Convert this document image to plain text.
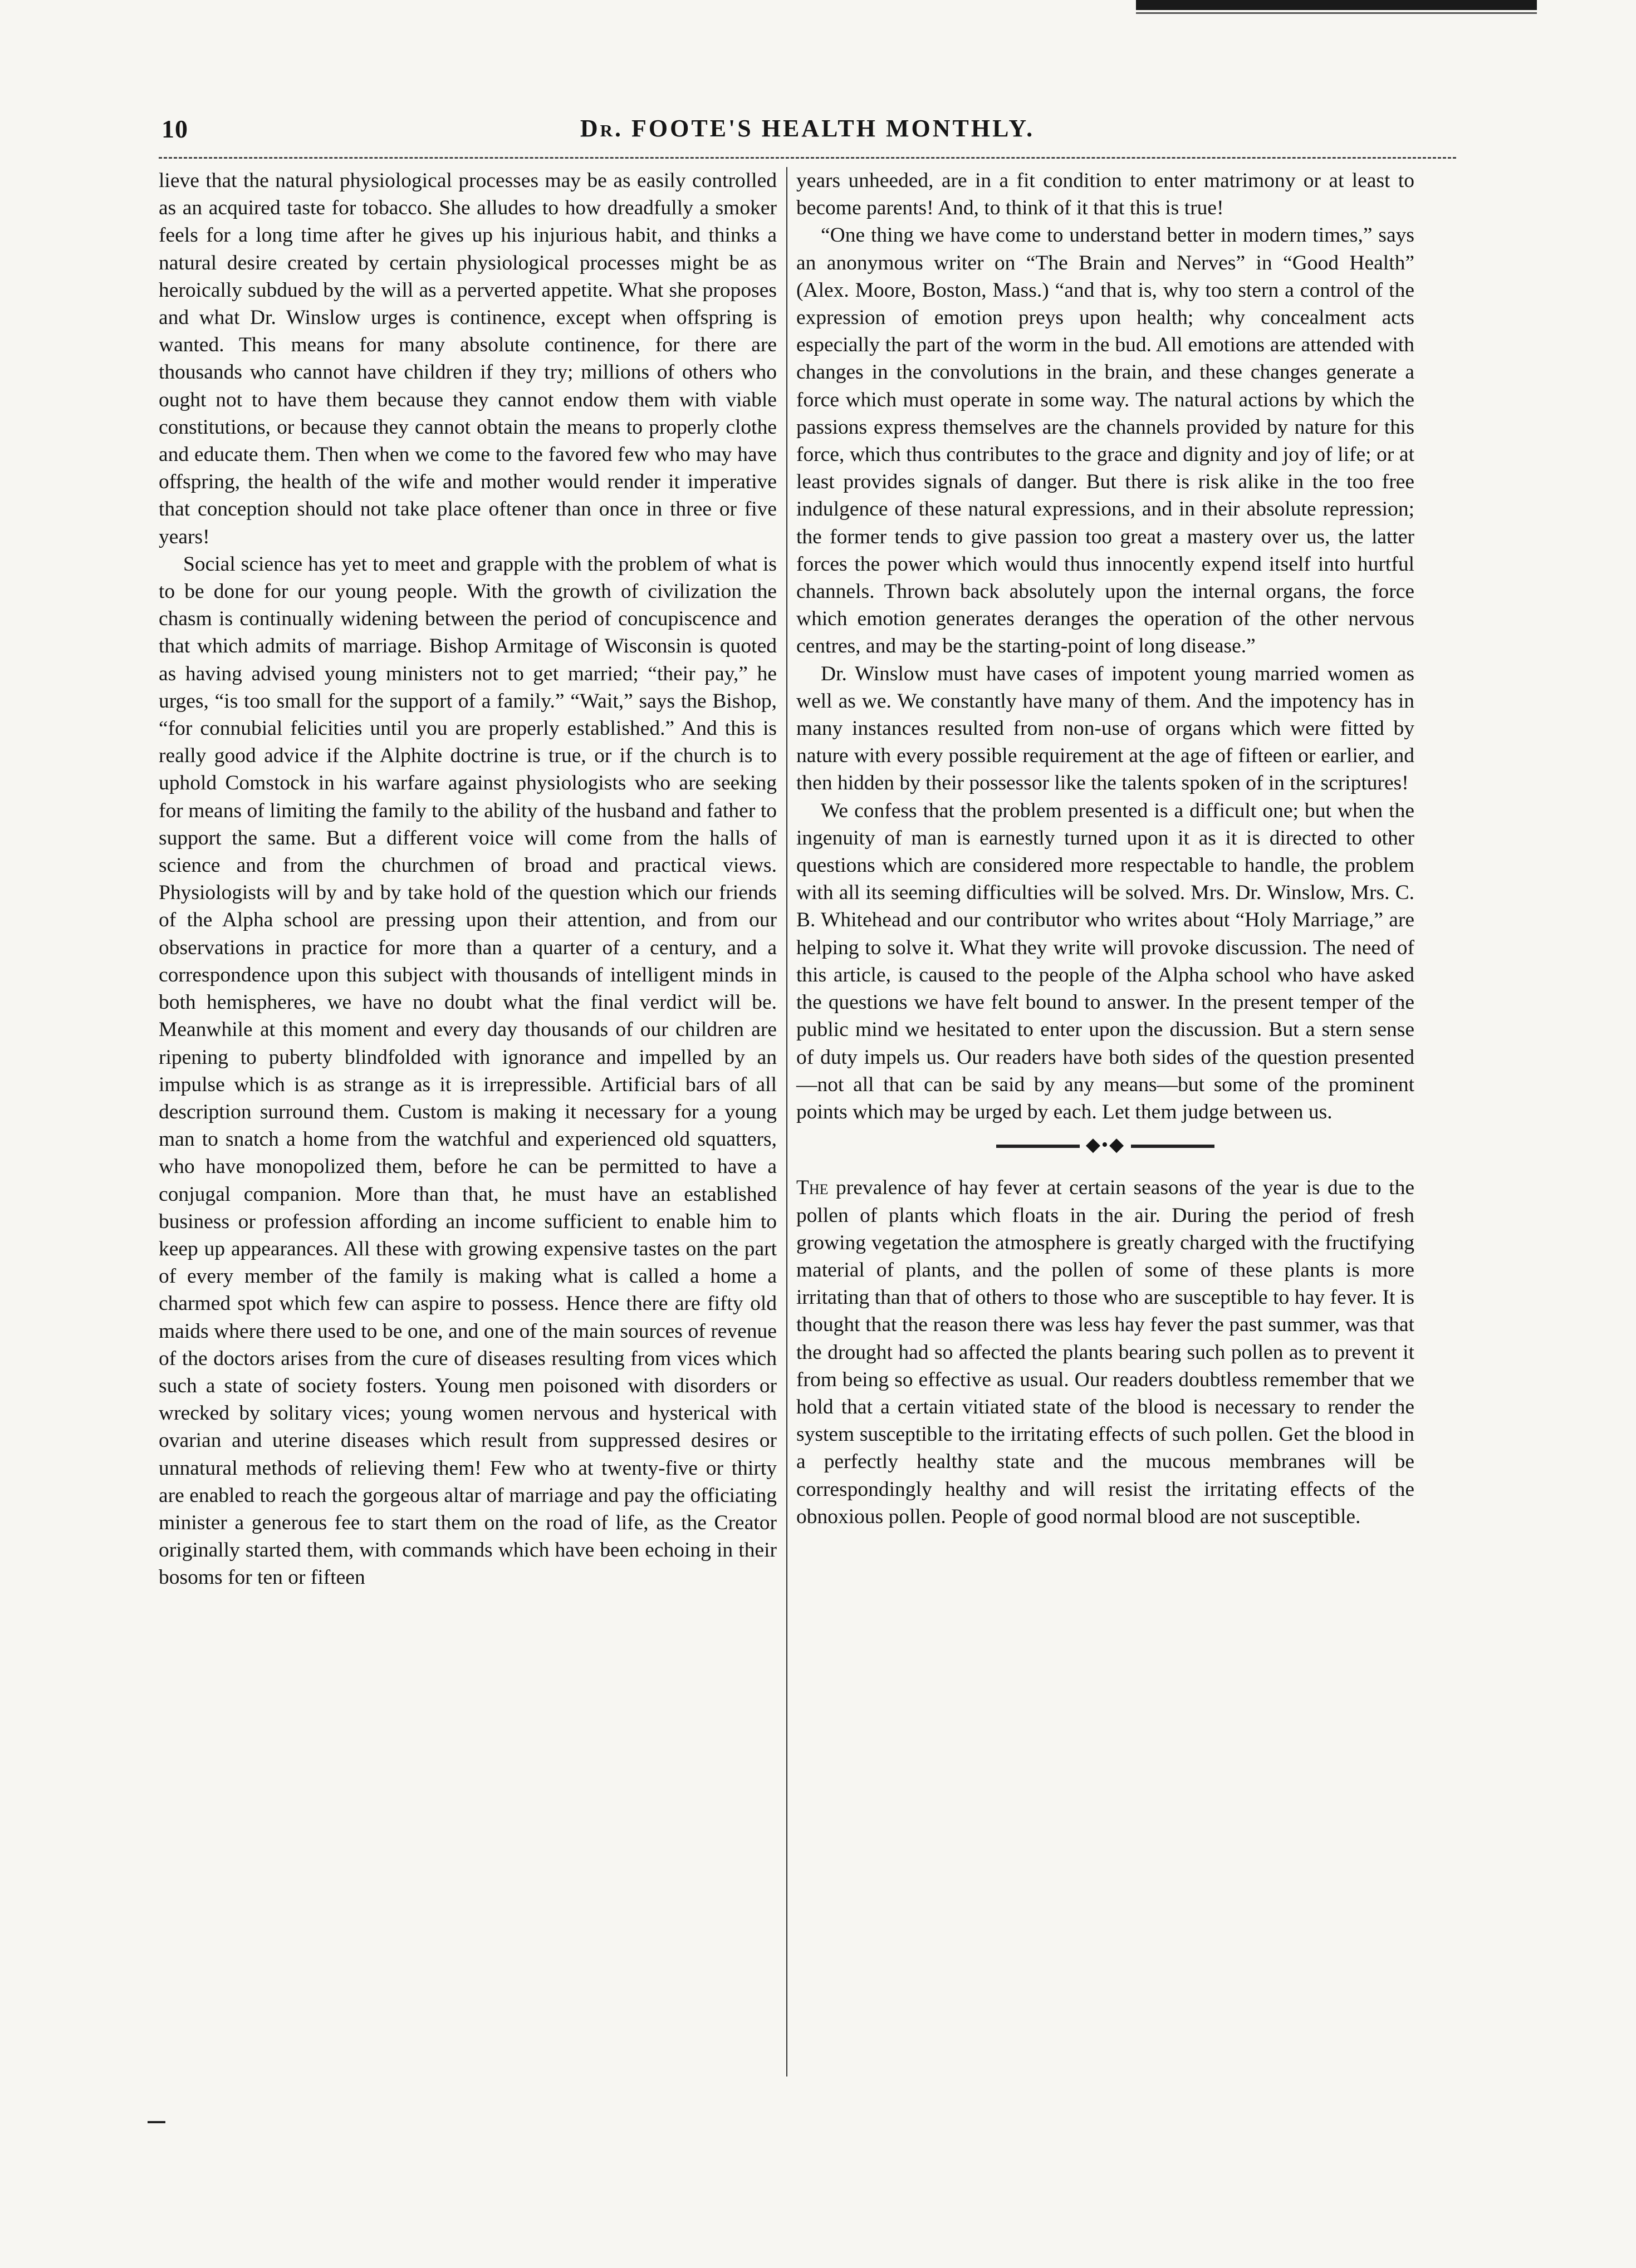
10	Dr. FOOTE'S HEALTH MONTHLY.

lieve that the natural physiological processes may be as easily controlled as an acquired taste for tobacco. She alludes to how dreadfully a smoker feels for a long time after he gives up his injurious habit, and thinks a natural desire created by certain physiological processes might be as heroically subdued by the will as a perverted appetite. What she proposes and what Dr. Winslow urges is continence, except when offspring is wanted. This means for many absolute continence, for there are thousands who cannot have children if they try; millions of others who ought not to have them because they cannot endow them with viable constitutions, or because they cannot obtain the means to properly clothe and educate them. Then when we come to the favored few who may have offspring, the health of the wife and mother would render it imperative that conception should not take place oftener than once in three or five years!

Social science has yet to meet and grapple with the problem of what is to be done for our young people. With the growth of civilization the chasm is continually widening between the period of concupiscence and that which admits of marriage. Bishop Armitage of Wisconsin is quoted as having advised young ministers not to get married; “their pay,” he urges, “is too small for the support of a family.” “Wait,” says the Bishop, “for connubial felicities until you are properly established.” And this is really good advice if the Alphite doctrine is true, or if the church is to uphold Comstock in his warfare against physiologists who are seeking for means of limiting the family to the ability of the husband and father to support the same. But a different voice will come from the halls of science and from the churchmen of broad and practical views. Physiologists will by and by take hold of the question which our friends of the Alpha school are pressing upon their attention, and from our observations in practice for more than a quarter of a century, and a correspondence upon this subject with thousands of intelligent minds in both hemispheres, we have no doubt what the final verdict will be. Meanwhile at this moment and every day thousands of our children are ripening to puberty blindfolded with ignorance and impelled by an impulse which is as strange as it is irrepressible. Artificial bars of all description surround them. Custom is making it necessary for a young man to snatch a home from the watchful and experienced old squatters, who have monopolized them, before he can be permitted to have a conjugal companion. More than that, he must have an established business or profession affording an income sufficient to enable him to keep up appearances. All these with growing expensive tastes on the part of every member of the family is making what is called a home a charmed spot which few can aspire to possess. Hence there are fifty old maids where there used to be one, and one of the main sources of revenue of the doctors arises from the cure of diseases resulting from vices which such a state of society fosters. Young men poisoned with disorders or wrecked by solitary vices; young women nervous and hysterical with ovarian and uterine diseases which result from suppressed desires or unnatural methods of relieving them! Few who at twenty-five or thirty are enabled to reach the gorgeous altar of marriage and pay the officiating minister a generous fee to start them on the road of life, as the Creator originally started them, with commands which have been echoing in their bosoms for ten or fifteen

years unheeded, are in a fit condition to enter matrimony or at least to become parents! And, to think of it that this is true!

“One thing we have come to understand better in modern times,” says an anonymous writer on “The Brain and Nerves” in “Good Health” (Alex. Moore, Boston, Mass.) “and that is, why too stern a control of the expression of emotion preys upon health; why concealment acts especially the part of the worm in the bud. All emotions are attended with changes in the convolutions in the brain, and these changes generate a force which must operate in some way. The natural actions by which the passions express themselves are the channels provided by nature for this force, which thus contributes to the grace and dignity and joy of life; or at least provides signals of danger. But there is risk alike in the too free indulgence of these natural expressions, and in their absolute repression; the former tends to give passion too great a mastery over us, the latter forces the power which would thus innocently expend itself into hurtful channels. Thrown back absolutely upon the internal organs, the force which emotion generates deranges the operation of the other nervous centres, and may be the starting-point of long disease.”

Dr. Winslow must have cases of impotent young married women as well as we. We constantly have many of them. And the impotency has in many instances resulted from non-use of organs which were fitted by nature with every possible requirement at the age of fifteen or earlier, and then hidden by their possessor like the talents spoken of in the scriptures!

We confess that the problem presented is a difficult one; but when the ingenuity of man is earnestly turned upon it as it is directed to other questions which are considered more respectable to handle, the problem with all its seeming difficulties will be solved. Mrs. Dr. Winslow, Mrs. C. B. Whitehead and our contributor who writes about “Holy Marriage,” are helping to solve it. What they write will provoke discussion. The need of this article, is caused to the people of the Alpha school who have asked the questions we have felt bound to answer. In the present temper of the public mind we hesitated to enter upon the discussion. But a stern sense of duty impels us. Our readers have both sides of the question presented—not all that can be said by any means—but some of the prominent points which may be urged by each. Let them judge between us.

◆•◆

The prevalence of hay fever at certain seasons of the year is due to the pollen of plants which floats in the air. During the period of fresh growing vegetation the atmosphere is greatly charged with the fructifying material of plants, and the pollen of some of these plants is more irritating than that of others to those who are susceptible to hay fever. It is thought that the reason there was less hay fever the past summer, was that the drought had so affected the plants bearing such pollen as to prevent it from being so effective as usual. Our readers doubtless remember that we hold that a certain vitiated state of the blood is necessary to render the system susceptible to the irritating effects of such pollen. Get the blood in a perfectly healthy state and the mucous membranes will be correspondingly healthy and will resist the irritating effects of the obnoxious pollen. People of good normal blood are not susceptible.
